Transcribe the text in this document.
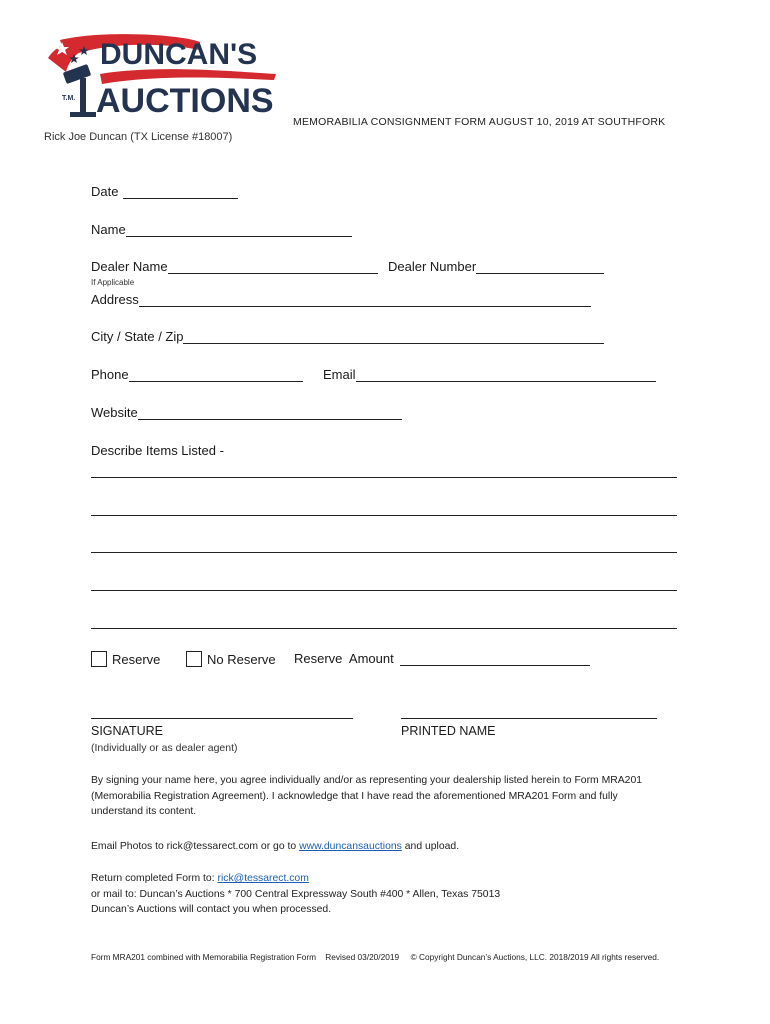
T.M.
DUNCAN'S
AUCTIONS
Rick Joe Duncan (TX License #18007)
MEMORABILIA CONSIGNMENT FORM AUGUST 10, 2019 AT SOUTHFORK
Date
Name
Dealer Name
If Applicable
Dealer Number
Address
City / State / Zip
Phone	Email
Website
Describe Items Listed -
Reserve	No Reserve Reserve  Amount
SIGNATURE
(Individually or as dealer agent)
PRINTED NAME
By signing your name here, you agree individually and/or as representing your dealership listed herein to Form MRA201 (Memorabilia Registration Agreement). I acknowledge that I have read the aforementioned MRA201 Form and fully understand its content.
Email Photos to rick@tessarect.com or go to www.duncansauctions and upload.
Return completed Form to: rick@tessarect.com
or mail to: Duncan’s Auctions * 700 Central Expressway South #400 * Allen, Texas 75013
Duncan’s Auctions will contact you when processed.
Form MRA201 combined with Memorabilia Registration Form Revised 03/20/2019 © Copyright Duncan’s Auctions, LLC. 2018/2019 All rights reserved.
